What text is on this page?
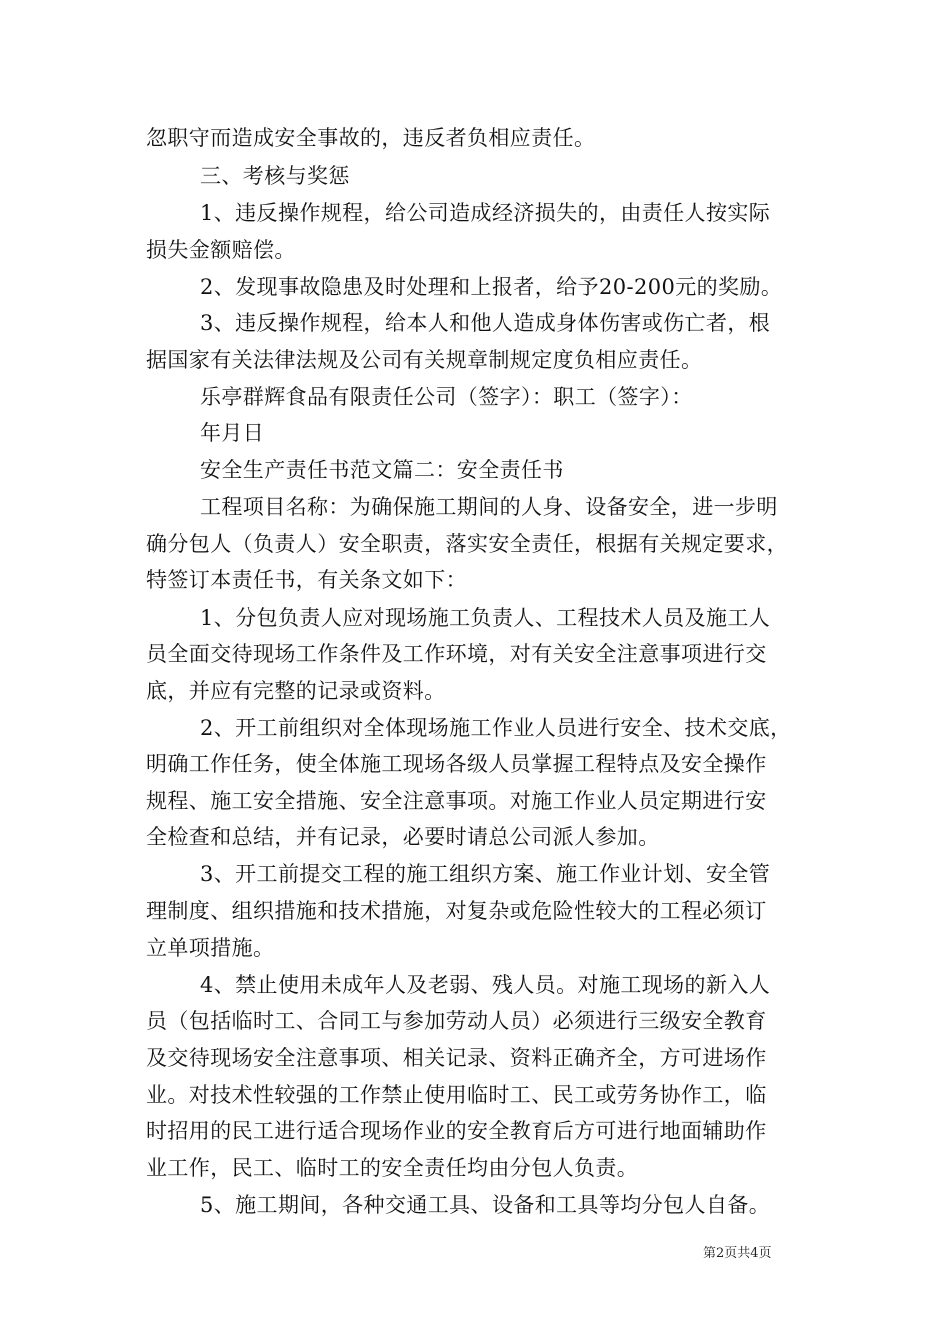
忽职守而造成安全事故的，违反者负相应责任。
三、考核与奖惩
1、违反操作规程，给公司造成经济损失的，由责任人按实际
损失金额赔偿。
2、发现事故隐患及时处理和上报者，给予20-200元的奖励。
3、违反操作规程，给本人和他人造成身体伤害或伤亡者，根
据国家有关法律法规及公司有关规章制规定度负相应责任。
乐亭群辉食品有限责任公司（签字）：职工（签字）：
年月日
安全生产责任书范文篇二：安全责任书
工程项目名称：为确保施工期间的人身、设备安全，进一步明
确分包人（负责人）安全职责，落实安全责任，根据有关规定要求，
特签订本责任书，有关条文如下：
1、分包负责人应对现场施工负责人、工程技术人员及施工人
员全面交待现场工作条件及工作环境，对有关安全注意事项进行交
底，并应有完整的记录或资料。
2、开工前组织对全体现场施工作业人员进行安全、技术交底，
明确工作任务，使全体施工现场各级人员掌握工程特点及安全操作
规程、施工安全措施、安全注意事项。对施工作业人员定期进行安
全检查和总结，并有记录，必要时请总公司派人参加。
3、开工前提交工程的施工组织方案、施工作业计划、安全管
理制度、组织措施和技术措施，对复杂或危险性较大的工程必须订
立单项措施。
4、禁止使用未成年人及老弱、残人员。对施工现场的新入人
员（包括临时工、合同工与参加劳动人员）必须进行三级安全教育
及交待现场安全注意事项、相关记录、资料正确齐全，方可进场作
业。对技术性较强的工作禁止使用临时工、民工或劳务协作工，临
时招用的民工进行适合现场作业的安全教育后方可进行地面辅助作
业工作，民工、临时工的安全责任均由分包人负责。
5、施工期间，各种交通工具、设备和工具等均分包人自备。
第2页共4页
